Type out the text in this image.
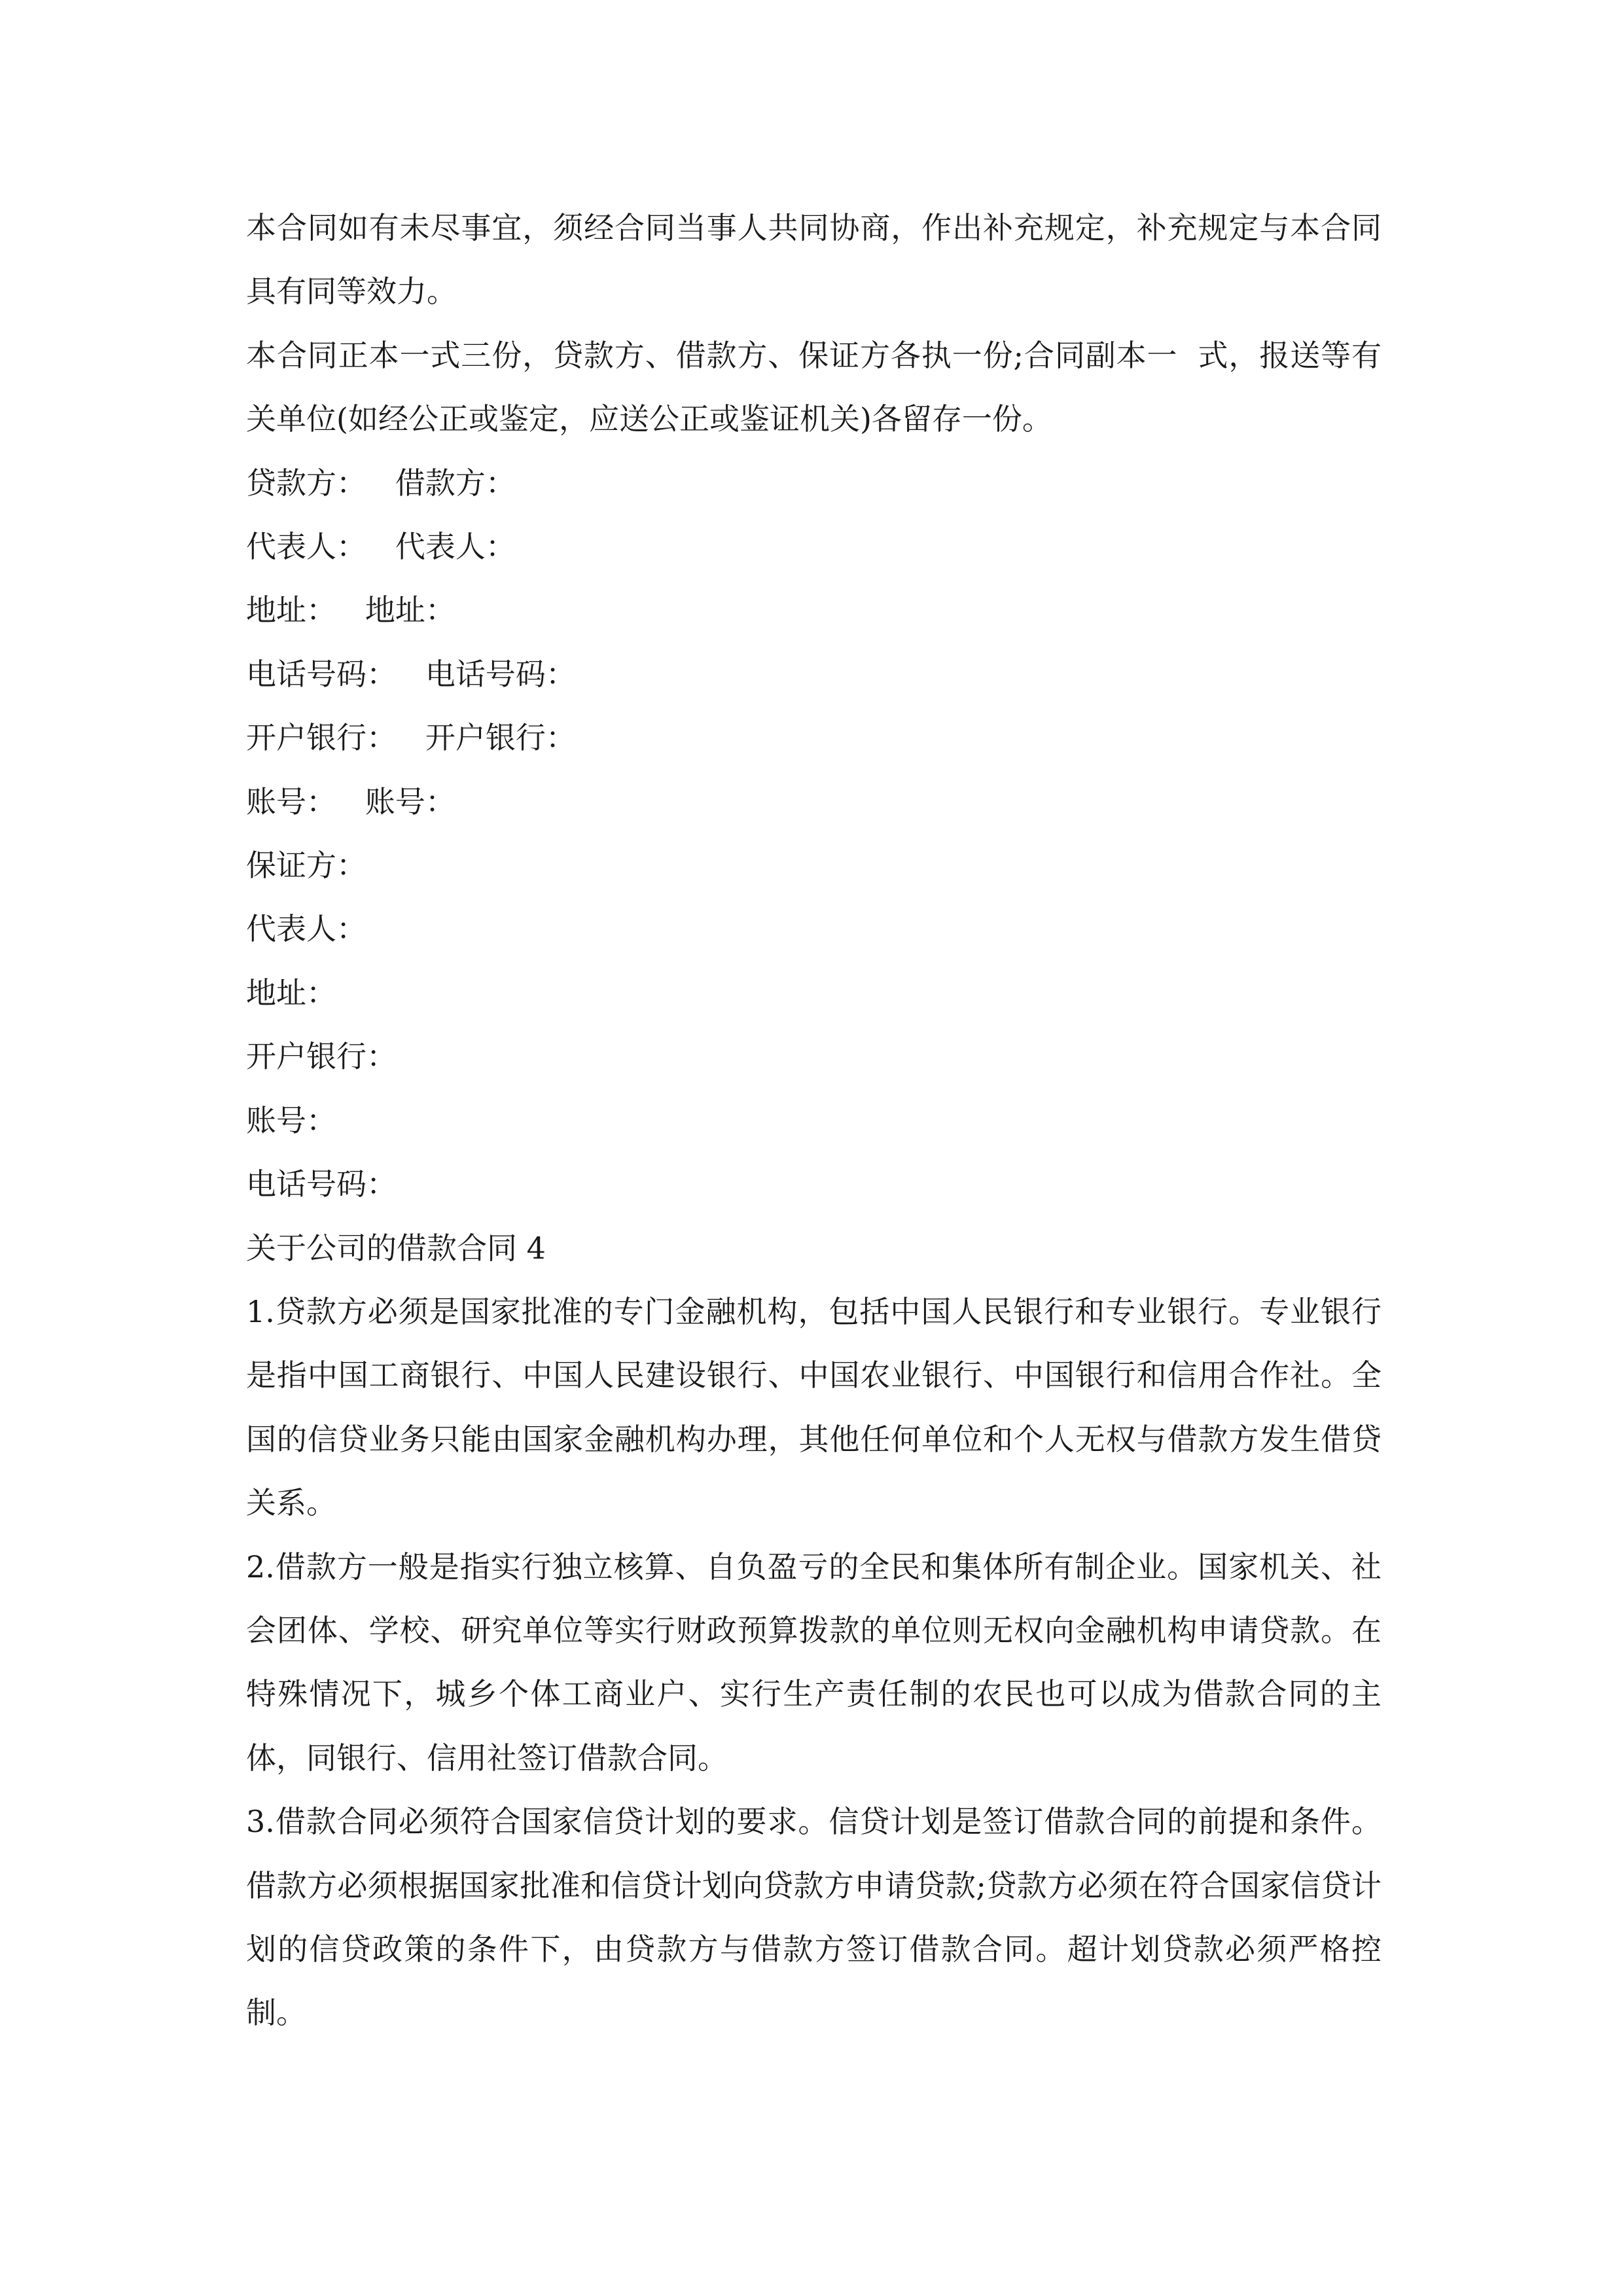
本合同如有未尽事宜，须经合同当事人共同协商，作出补充规定，补充规定与本合同具有同等效力。

本合同正本一式三份，贷款方、借款方、保证方各执一份;合同副本一  式，报送等有关单位(如经公正或鉴定，应送公正或鉴证机关)各留存一份。

贷款方：   借款方：

代表人：   代表人：

地址：   地址：

电话号码：   电话号码：

开户银行：   开户银行：

账号：   账号：

保证方：

代表人：

地址：

开户银行：

账号：

电话号码：

关于公司的借款合同 4

1.贷款方必须是国家批准的专门金融机构，包括中国人民银行和专业银行。专业银行是指中国工商银行、中国人民建设银行、中国农业银行、中国银行和信用合作社。全国的信贷业务只能由国家金融机构办理，其他任何单位和个人无权与借款方发生借贷关系。

2.借款方一般是指实行独立核算、自负盈亏的全民和集体所有制企业。国家机关、社会团体、学校、研究单位等实行财政预算拨款的单位则无权向金融机构申请贷款。在特殊情况下，城乡个体工商业户、实行生产责任制的农民也可以成为借款合同的主体，同银行、信用社签订借款合同。

3.借款合同必须符合国家信贷计划的要求。信贷计划是签订借款合同的前提和条件。借款方必须根据国家批准和信贷计划向贷款方申请贷款;贷款方必须在符合国家信贷计划的信贷政策的条件下，由贷款方与借款方签订借款合同。超计划贷款必须严格控制。
